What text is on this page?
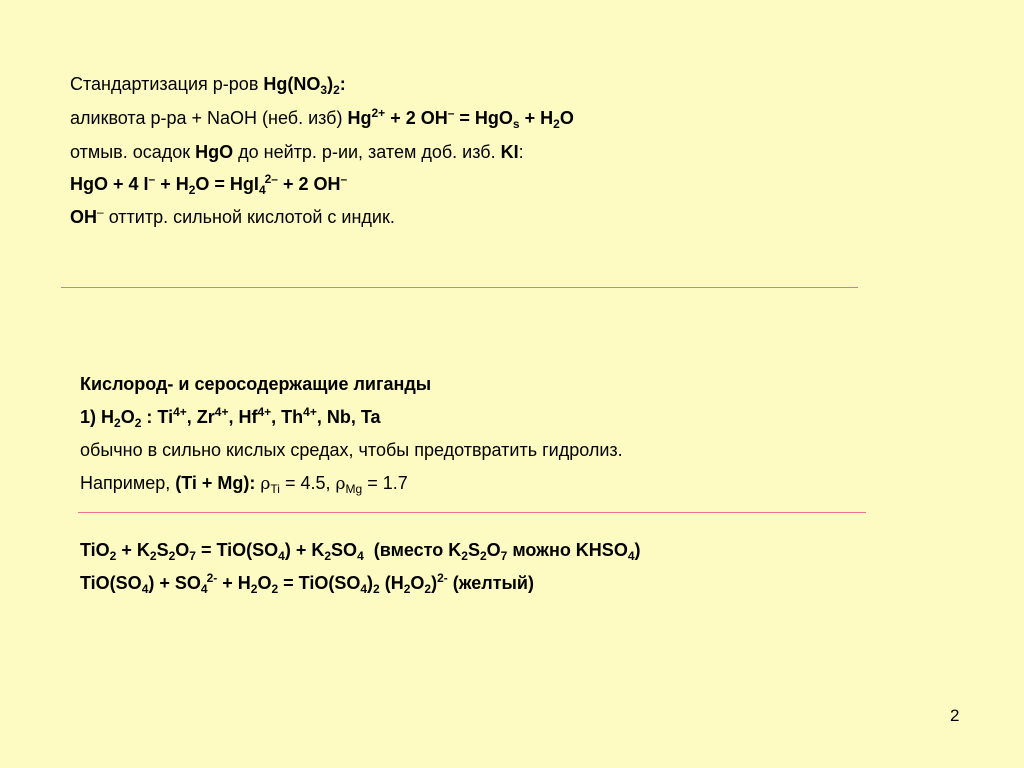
Стандартизация р-ров $Hg(NO_3)_2$:
аликвота р-ра + NaOH (неб. изб) $Hg^{2+} + 2$ $OH^- = HgO_s + H_2O$
отмыв. осадок HgO до нейтр. р-ии, затем доб. изб. KI:
HgO + 4 $I^- + H_2O = HgI_4^{2-} + 2$ OH–
OH– оттитр. сильной кислотой с индик.
Кислород- и серосодержащие лиганды
1) $H_2O_2$ : $Ti^{4+}$, $Zr^{4+}$, $Hf^{4+}$, $Th^{4+}$, Nb, Ta
обычно в сильно кислых средах, чтобы предотвратить гидролиз.
Например, (Ti + Mg): $\rho_{Ti} = 4.5$, $\rho_{Mg} = 1.7$
$TiO_2 + K_2S_2O_7 = TiO(SO_4) + K_2SO_4$  (вместо $K_2S_2O_7$ можно $KHSO_4$)
$TiO(SO_4) + SO_4^{2-} + H_2O_2 = TiO(SO_4)_2$ $(H_2O_2)^{2-}$ (желтый)
2
